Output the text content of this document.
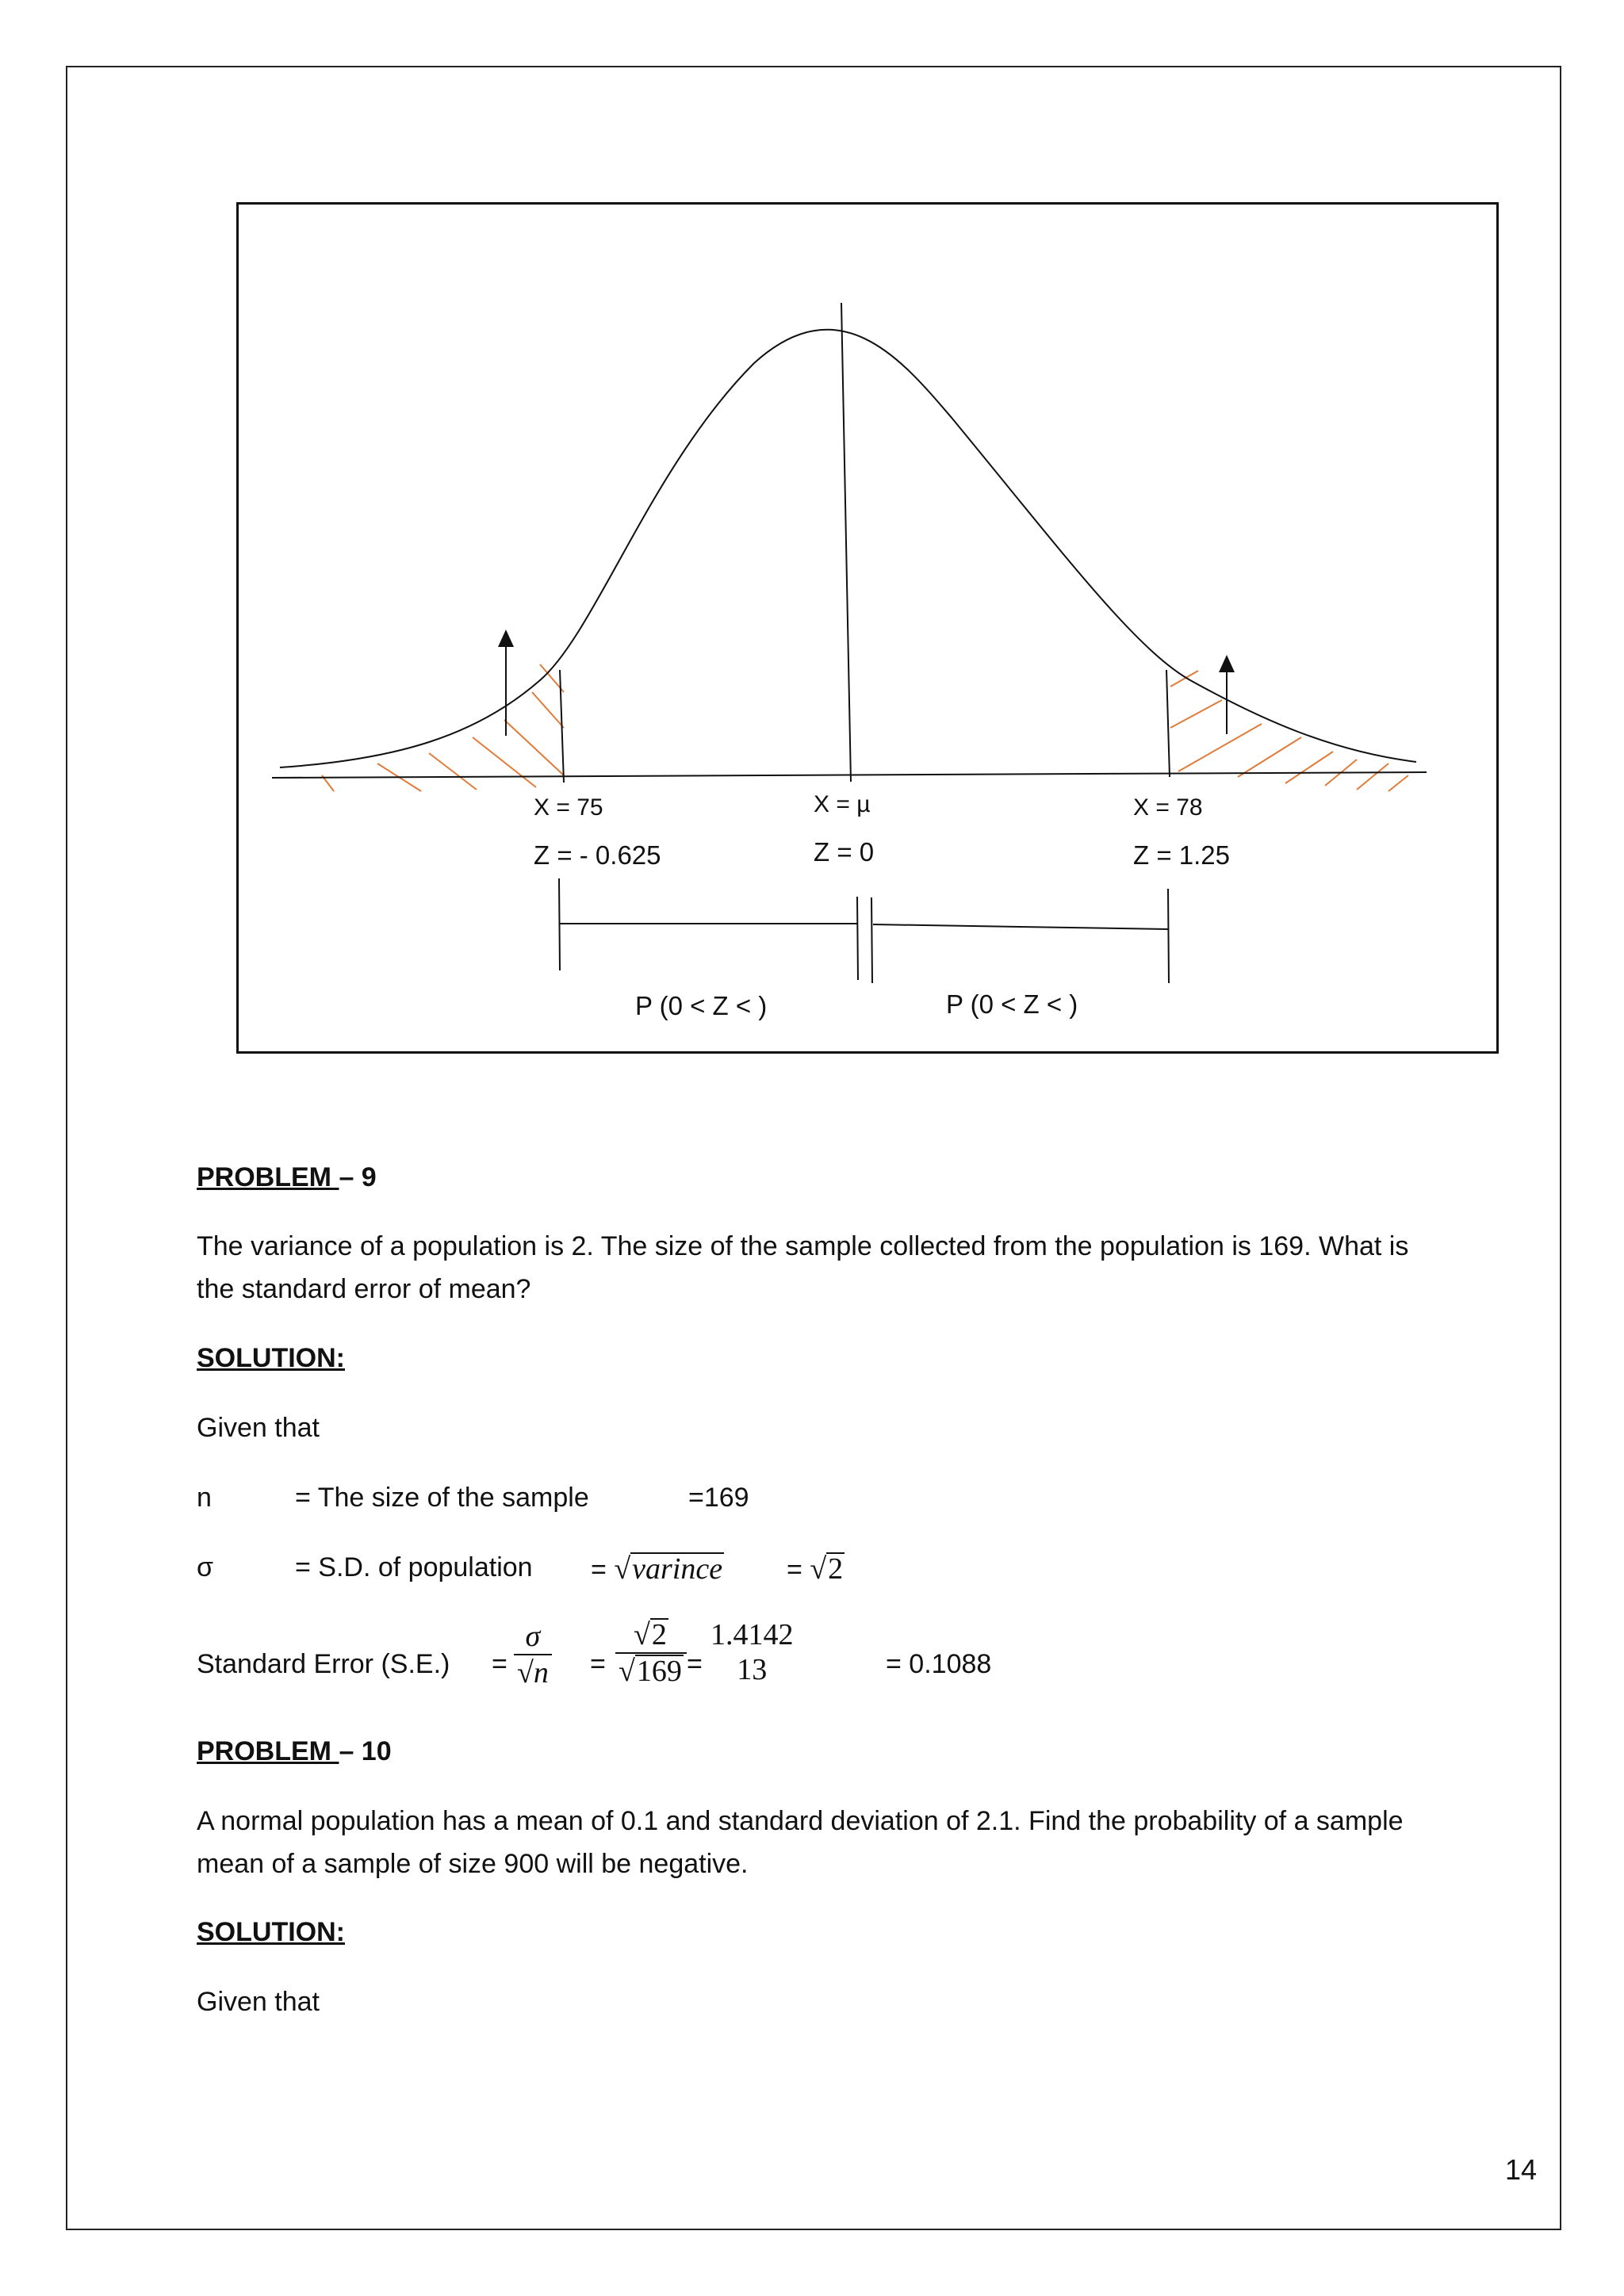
X = 75
Z = - 0.625
X = µ
Z = 0
X = 78
Z = 1.25
P (0 < Z < )	P (0 < Z < )
PROBLEM – 9
The variance of a population is 2. The size of the sample collected from the population is 169. What is the standard error of mean?
SOLUTION:
Given that
n	= The size of the sample	=169
σ	= S.D. of population = √varince = √2
Standard Error (S.E.) =
σ
$√n = \frac{√2}{√169}$ =
1.4142
13	= 0.1088
PROBLEM – 10
A normal population has a mean of 0.1 and standard deviation of 2.1. Find the probability of a sample mean of a sample of size 900 will be negative.
SOLUTION:
Given that
14
